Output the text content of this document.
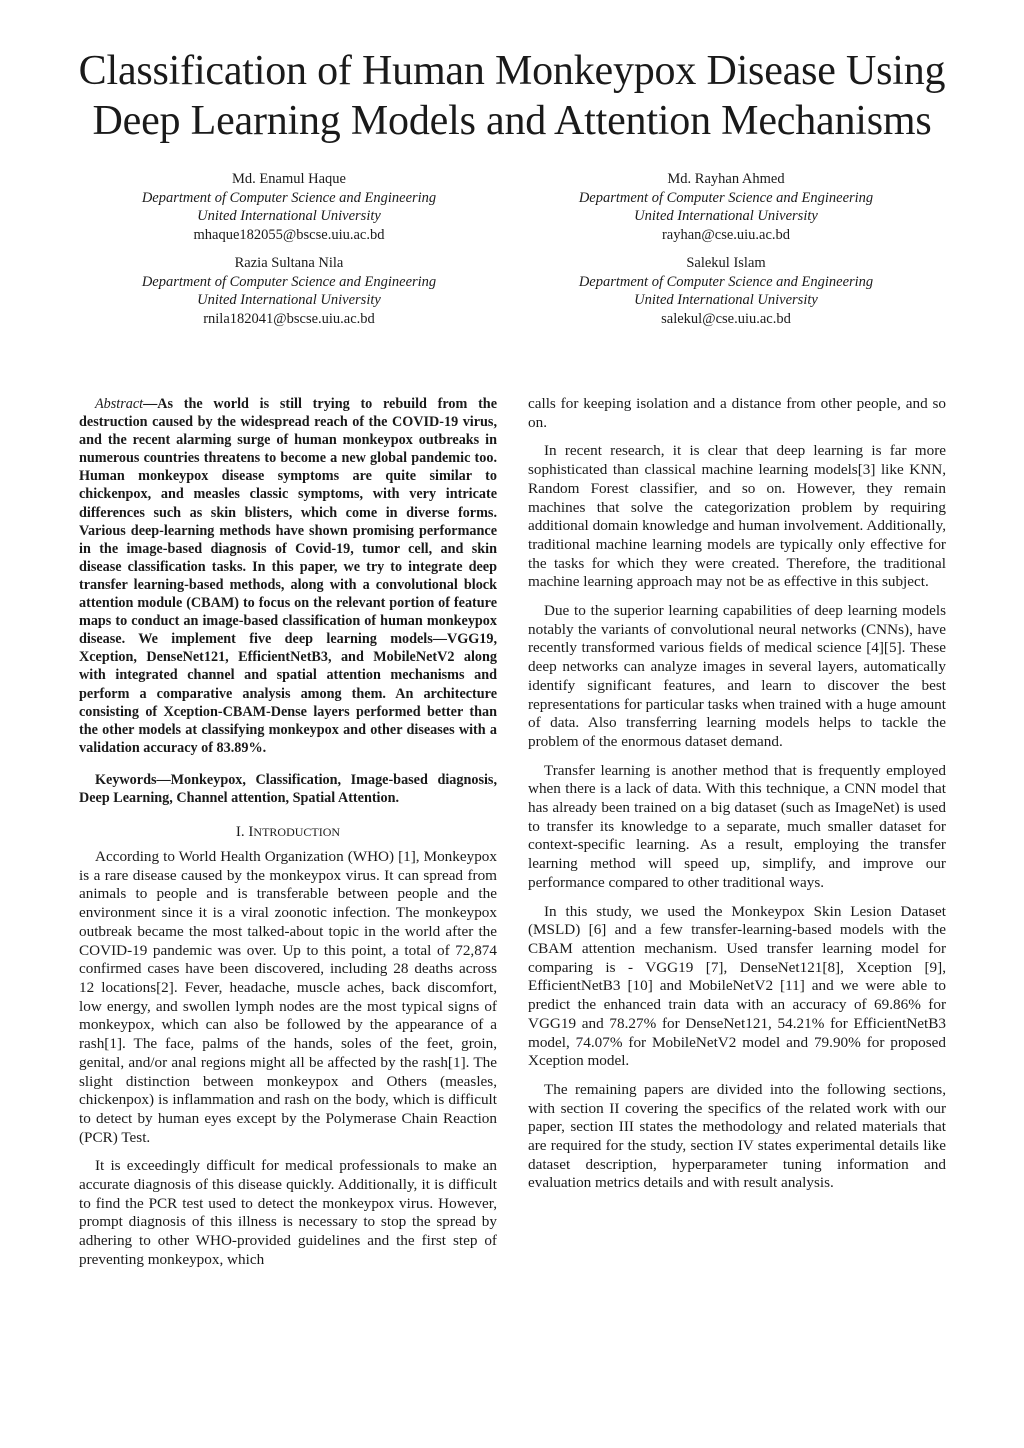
Classification of Human Monkeypox Disease Using
Deep Learning Models and Attention Mechanisms
Md. Enamul Haque
Department of Computer Science and Engineering
United International University
mhaque182055@bscse.uiu.ac.bd
Md. Rayhan Ahmed
Department of Computer Science and Engineering
United International University
rayhan@cse.uiu.ac.bd
Razia Sultana Nila
Department of Computer Science and Engineering
United International University
rnila182041@bscse.uiu.ac.bd
Salekul Islam
Department of Computer Science and Engineering
United International University
salekul@cse.uiu.ac.bd

Abstract—As the world is still trying to rebuild from the destruction caused by the widespread reach of the COVID-19 virus, and the recent alarming surge of human monkeypox outbreaks in numerous countries threatens to become a new global pandemic too. Human monkeypox disease symptoms are quite similar to chickenpox, and measles classic symptoms, with very intricate differences such as skin blisters, which come in diverse forms. Various deep-learning methods have shown promising performance in the image-based diagnosis of Covid-19, tumor cell, and skin disease classification tasks. In this paper, we try to integrate deep transfer learning-based methods, along with a convolutional block attention module (CBAM) to focus on the relevant portion of feature maps to conduct an image-based classification of human monkeypox disease. We implement five deep learning models—VGG19, Xception, DenseNet121, EfficientNetB3, and MobileNetV2 along with integrated channel and spatial attention mechanisms and perform a comparative analysis among them. An architecture consisting of Xception-CBAM-Dense layers performed better than the other models at classifying monkeypox and other diseases with a validation accuracy of 83.89%.

Keywords—Monkeypox, Classification, Image-based diagnosis, Deep Learning, Channel attention, Spatial Attention.

I. INTRODUCTION

According to World Health Organization (WHO) [1], Monkeypox is a rare disease caused by the monkeypox virus. It can spread from animals to people and is transferable between people and the environment since it is a viral zoonotic infection. The monkeypox outbreak became the most talked-about topic in the world after the COVID-19 pandemic was over. Up to this point, a total of 72,874 confirmed cases have been discovered, including 28 deaths across 12 locations[2]. Fever, headache, muscle aches, back discomfort, low energy, and swollen lymph nodes are the most typical signs of monkeypox, which can also be followed by the appearance of a rash[1]. The face, palms of the hands, soles of the feet, groin, genital, and/or anal regions might all be affected by the rash[1]. The slight distinction between monkeypox and Others (measles, chickenpox) is inflammation and rash on the body, which is difficult to detect by human eyes except by the Polymerase Chain Reaction (PCR) Test.

It is exceedingly difficult for medical professionals to make an accurate diagnosis of this disease quickly. Additionally, it is difficult to find the PCR test used to detect the monkeypox virus. However, prompt diagnosis of this illness is necessary to stop the spread by adhering to other WHO-provided guidelines and the first step of preventing monkeypox, which

calls for keeping isolation and a distance from other people, and so on.

In recent research, it is clear that deep learning is far more sophisticated than classical machine learning models[3] like KNN, Random Forest classifier, and so on. However, they remain machines that solve the categorization problem by requiring additional domain knowledge and human involvement. Additionally, traditional machine learning models are typically only effective for the tasks for which they were created. Therefore, the traditional machine learning approach may not be as effective in this subject.

Due to the superior learning capabilities of deep learning models notably the variants of convolutional neural networks (CNNs), have recently transformed various fields of medical science [4][5]. These deep networks can analyze images in several layers, automatically identify significant features, and learn to discover the best representations for particular tasks when trained with a huge amount of data. Also transferring learning models helps to tackle the problem of the enormous dataset demand.

Transfer learning is another method that is frequently employed when there is a lack of data. With this technique, a CNN model that has already been trained on a big dataset (such as ImageNet) is used to transfer its knowledge to a separate, much smaller dataset for context-specific learning. As a result, employing the transfer learning method will speed up, simplify, and improve our performance compared to other traditional ways.

In this study, we used the Monkeypox Skin Lesion Dataset (MSLD) [6] and a few transfer-learning-based models with the CBAM attention mechanism. Used transfer learning model for comparing is - VGG19 [7], DenseNet121[8], Xception [9], EfficientNetB3 [10] and MobileNetV2 [11] and we were able to predict the enhanced train data with an accuracy of 69.86% for VGG19 and 78.27% for DenseNet121, 54.21% for EfficientNetB3 model, 74.07% for MobileNetV2 model and 79.90% for proposed Xception model.

The remaining papers are divided into the following sections, with section II covering the specifics of the related work with our paper, section III states the methodology and related materials that are required for the study, section IV states experimental details like dataset description, hyperparameter tuning information and evaluation metrics details and with result analysis.
